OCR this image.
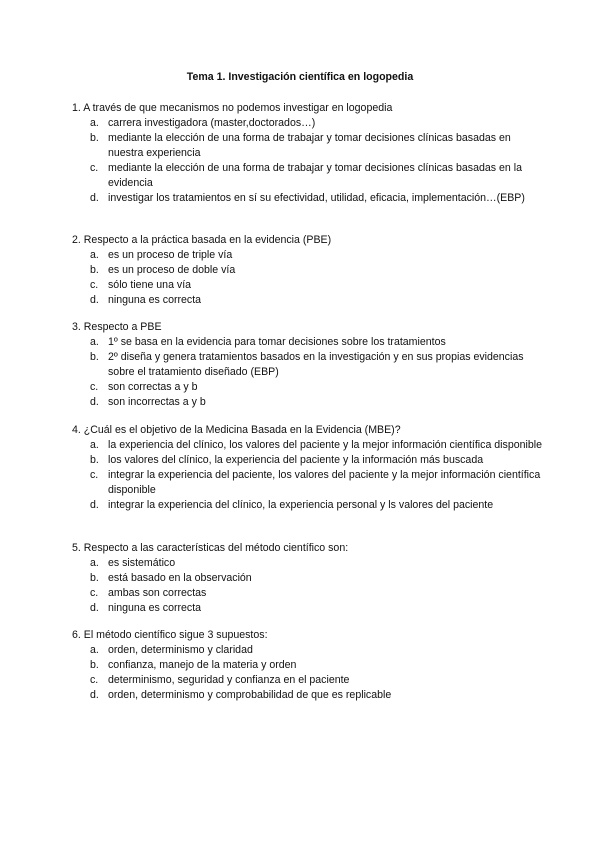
Tema 1. Investigación científica en logopedia

1. A través de que mecanismos no podemos investigar en logopedia

a. carrera investigadora (master,doctorados…)
b. mediante la elección de una forma de trabajar y tomar decisiones clínicas basadas en nuestra experiencia
c. mediante la elección de una forma de trabajar y tomar decisiones clínicas basadas en la evidencia
d. investigar los tratamientos en sí su efectividad, utilidad, eficacia, implementación…(EBP)

2. Respecto a la práctica basada en la evidencia (PBE)

a. es un proceso de triple vía
b. es un proceso de doble vía
c. sólo tiene una vía
d. ninguna es correcta

3. Respecto a PBE

a. 1º se basa en la evidencia para tomar decisiones sobre los tratamientos
b. 2º diseña y genera tratamientos basados en la investigación y en sus propias evidencias sobre el tratamiento diseñado (EBP)
c. son correctas a y b
d. son incorrectas a y b

4. ¿Cuál es el objetivo de la Medicina Basada en la Evidencia (MBE)?

a. la experiencia del clínico, los valores del paciente y la mejor información científica disponible
b. los valores del clínico, la experiencia del paciente y la información más buscada
c. integrar la experiencia del paciente, los valores del paciente y la mejor información científica disponible
d. integrar la experiencia del clínico, la experiencia personal y ls valores del paciente

5. Respecto a las características del método científico son:

a. es sistemático
b. está basado en la observación
c. ambas son correctas
d. ninguna es correcta

6. El método científico sigue 3 supuestos:

a. orden, determinismo y claridad
b. confianza, manejo de la materia y orden
c. determinismo, seguridad y confianza en el paciente
d. orden, determinismo y comprobabilidad de que es replicable
